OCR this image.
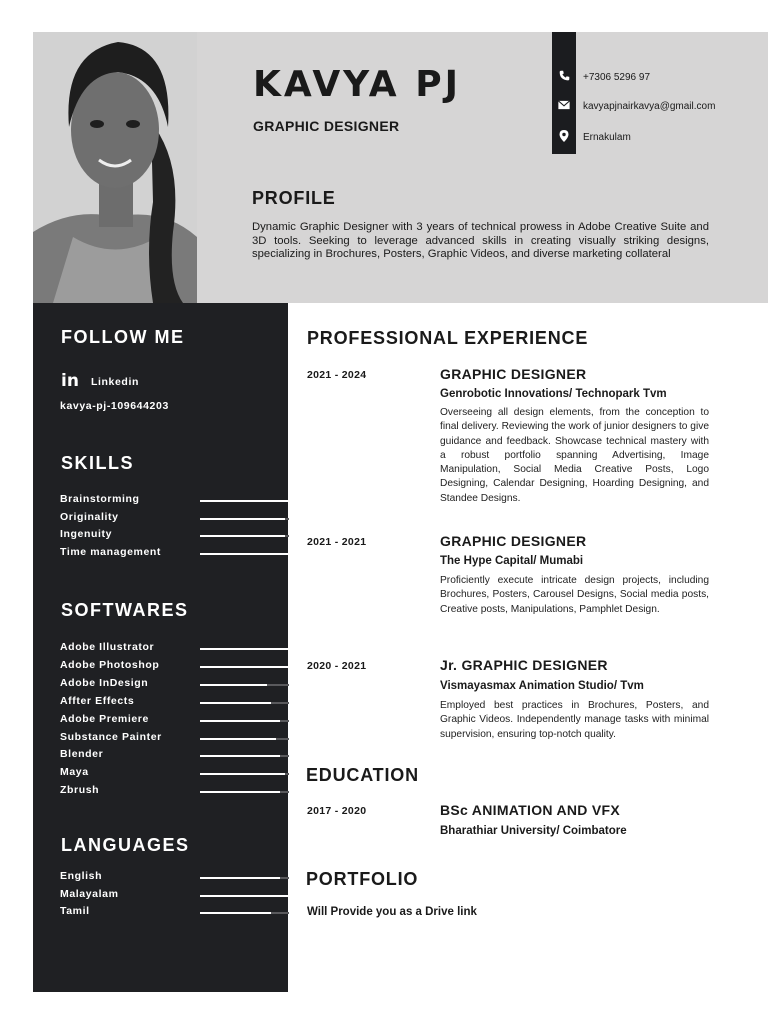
KAVYA PJ
GRAPHIC DESIGNER
+7306 5296 97
kavyapjnairkavya@gmail.com
Ernakulam
PROFILE
Dynamic Graphic Designer with 3 years of technical prowess in Adobe Creative Suite and 3D tools. Seeking to leverage advanced skills in creating visually striking designs, specializing in Brochures, Posters, Graphic Videos, and diverse marketing collateral
FOLLOW ME
in Linkedin
kavya-pj-109644203
SKILLS
Brainstorming
Originality
Ingenuity
Time management
SOFTWARES
Adobe Illustrator
Adobe Photoshop
Adobe InDesign
Affter Effects
Adobe Premiere
Substance Painter
Blender
Maya
Zbrush
LANGUAGES
English
Malayalam
Tamil
PROFESSIONAL EXPERIENCE
2021 - 2024	GRAPHIC DESIGNER
Genrobotic Innovations/ Technopark Tvm
Overseeing all design elements, from the conception to final delivery. Reviewing the work of junior designers to give guidance and feedback. Showcase technical mastery with a robust portfolio spanning Advertising, Image Manipulation, Social Media Creative Posts, Logo Designing, Calendar Designing, Hoarding Designing, and Standee Designs.
2021 - 2021	GRAPHIC DESIGNER
The Hype Capital/ Mumabi
Proficiently execute intricate design projects, including Brochures, Posters, Carousel Designs, Social media posts, Creative posts, Manipulations, Pamphlet Design.
2020 - 2021	Jr. GRAPHIC DESIGNER
Vismayasmax Animation Studio/ Tvm
Employed best practices in Brochures, Posters, and Graphic Videos. Independently manage tasks with minimal supervision, ensuring top-notch quality.
EDUCATION
2017 - 2020	BSc ANIMATION AND VFX
Bharathiar University/ Coimbatore
PORTFOLIO
Will Provide you as a Drive link
